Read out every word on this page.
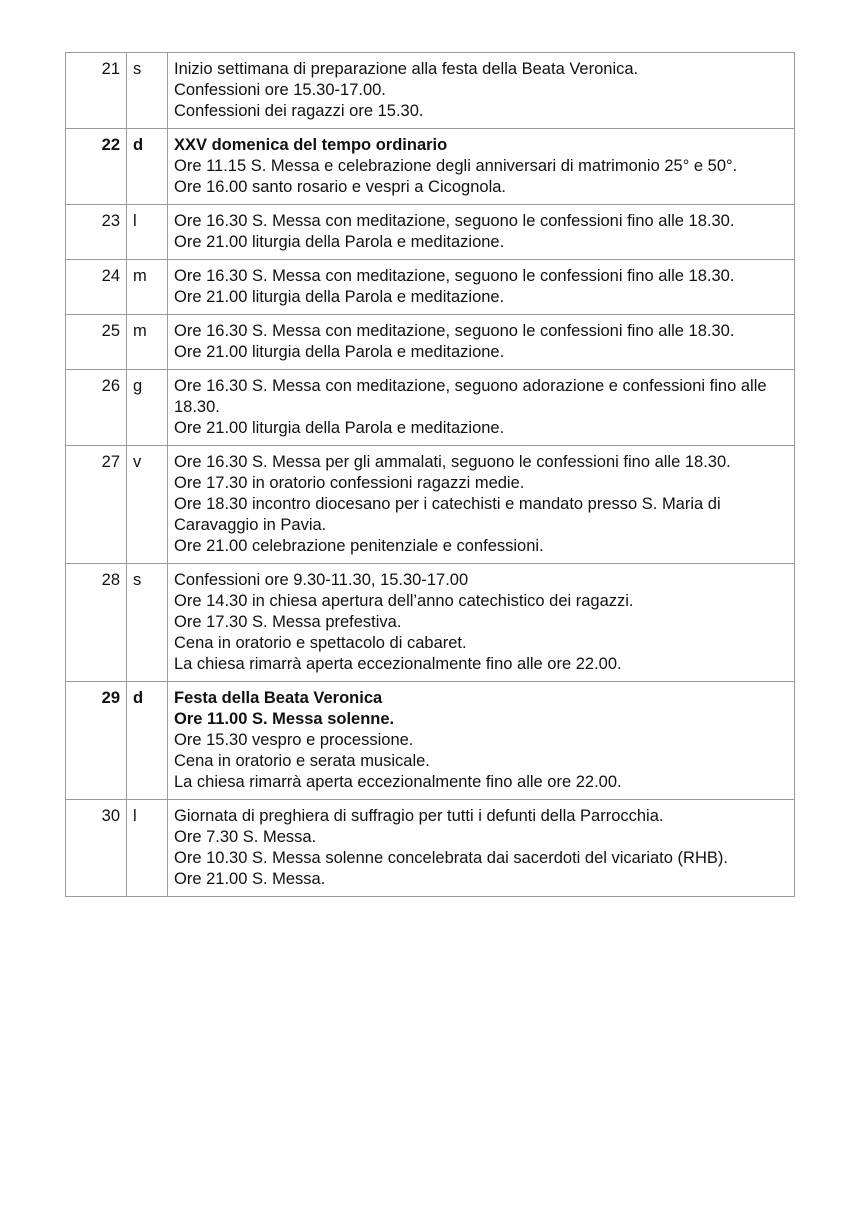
21	s	Inizio settimana di preparazione alla festa della Beata Veronica.
Confessioni ore 15.30-17.00.
Confessioni dei ragazzi ore 15.30.

22	d	XXV domenica del tempo ordinario
Ore 11.15 S. Messa e celebrazione degli anniversari di matrimonio 25° e 50°.
Ore 16.00 santo rosario e vespri a Cicognola.

23	l	Ore 16.30 S. Messa con meditazione, seguono le confessioni fino alle 18.30.
Ore 21.00 liturgia della Parola e meditazione.

24	m	Ore 16.30 S. Messa con meditazione, seguono le confessioni fino alle 18.30.
Ore 21.00 liturgia della Parola e meditazione.

25	m	Ore 16.30 S. Messa con meditazione, seguono le confessioni fino alle 18.30.
Ore 21.00 liturgia della Parola e meditazione.

26	g	Ore 16.30 S. Messa con meditazione, seguono adorazione e confessioni fino alle 18.30.
Ore 21.00 liturgia della Parola e meditazione.

27	v	Ore 16.30 S. Messa per gli ammalati, seguono le confessioni fino alle 18.30.
Ore 17.30 in oratorio confessioni ragazzi medie.
Ore 18.30 incontro diocesano per i catechisti e mandato presso S. Maria di Caravaggio in Pavia.
Ore 21.00 celebrazione penitenziale e confessioni.

28	s	Confessioni ore 9.30-11.30, 15.30-17.00
Ore 14.30 in chiesa apertura dell’anno catechistico dei ragazzi.
Ore 17.30 S. Messa prefestiva.
Cena in oratorio e spettacolo di cabaret.
La chiesa rimarrà aperta eccezionalmente fino alle ore 22.00.

29	d	Festa della Beata Veronica
Ore 11.00 S. Messa solenne.
Ore 15.30 vespro e processione.
Cena in oratorio e serata musicale.
La chiesa rimarrà aperta eccezionalmente fino alle ore 22.00.

30	l	Giornata di preghiera di suffragio per tutti i defunti della Parrocchia.
Ore 7.30 S. Messa.
Ore 10.30 S. Messa solenne concelebrata dai sacerdoti del vicariato (RHB).
Ore 21.00 S. Messa.
